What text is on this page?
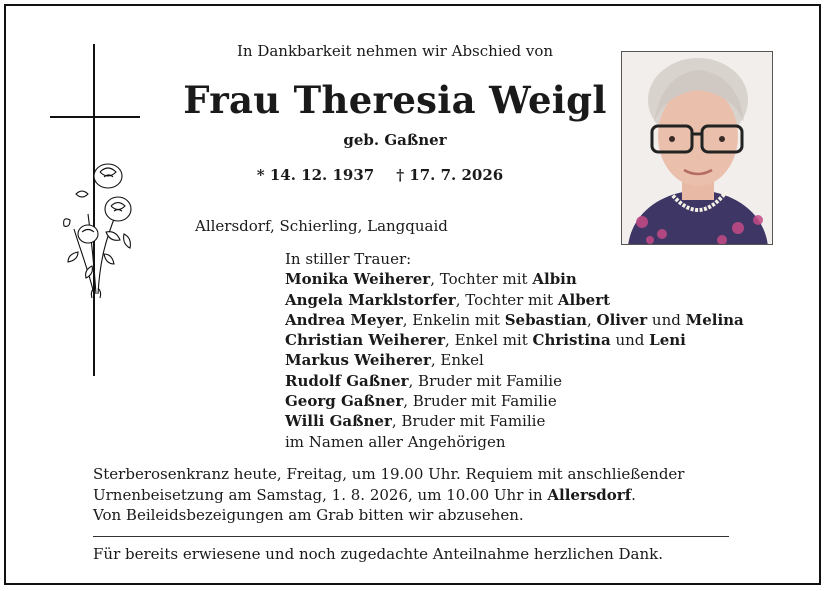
In Dankbarkeit nehmen wir Abschied von
Frau Theresia Weigl
geb. Gaßner
* 14. 12. 1937 † 17. 7. 2026
Allersdorf, Schierling, Langquaid
In stiller Trauer:
Monika Weiherer, Tochter mit Albin
Angela Marklstorfer, Tochter mit Albert
Andrea Meyer, Enkelin mit Sebastian, Oliver und Melina
Christian Weiherer, Enkel mit Christina und Leni
Markus Weiherer, Enkel
Rudolf Gaßner, Bruder mit Familie
Georg Gaßner, Bruder mit Familie
Willi Gaßner, Bruder mit Familie
im Namen aller Angehörigen
Sterberosenkranz heute, Freitag, um 19.00 Uhr. Requiem mit anschließender
Urnenbeisetzung am Samstag, 1. 8. 2026, um 10.00 Uhr in Allersdorf.
Von Beileidsbezeigungen am Grab bitten wir abzusehen.
Für bereits erwiesene und noch zugedachte Anteilnahme herzlichen Dank.
